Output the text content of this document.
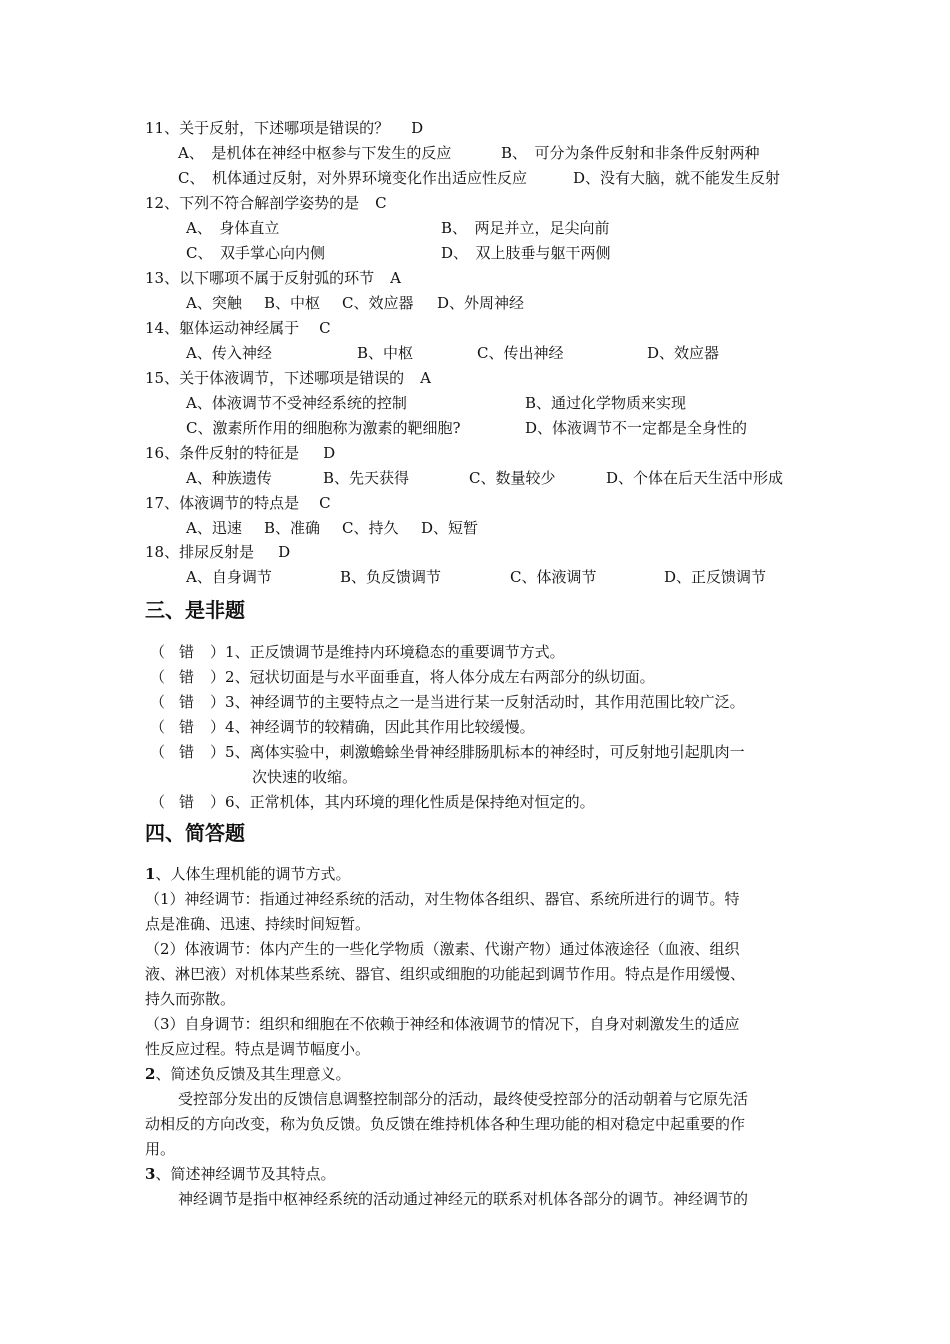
11、关于反射，下述哪项是错误的？ D
A、　是机体在神经中枢参与下发生的反应	B、　可分为条件反射和非条件反射两种
C、　机体通过反射，对外界环境变化作出适应性反应	D、没有大脑，就不能发生反射
12、下列不符合解剖学姿势的是 C
A、　身体直立	B、　两足并立，足尖向前
C、　双手掌心向内侧	D、　双上肢垂与躯干两侧
13、以下哪项不属于反射弧的环节 A
A、突触 B、中枢 C、效应器 D、外周神经
14、躯体运动神经属于 C
A、传入神经	B、中枢	C、传出神经	D、效应器
15、关于体液调节，下述哪项是错误的 A
A、体液调节不受神经系统的控制	B、通过化学物质来实现
C、激素所作用的细胞称为激素的靶细胞?	D、体液调节不一定都是全身性的
16、条件反射的特征是 D
A、种族遗传	B、先天获得	C、数量较少	D、个体在后天生活中形成
17、体液调节的特点是 C
A、迅速 B、准确 C、持久 D、短暂
18、排尿反射是 D
A、自身调节	B、负反馈调节	C、体液调节	D、正反馈调节
三、是非题
（ 错 ）1、正反馈调节是维持内环境稳态的重要调节方式。
（ 错 ）2、冠状切面是与水平面垂直，将人体分成左右两部分的纵切面。
（ 错 ）3、神经调节的主要特点之一是当进行某一反射活动时，其作用范围比较广泛。
（ 错 ）4、神经调节的较精确，因此其作用比较缓慢。
（ 错 ）5、离体实验中，刺激蟾蜍坐骨神经腓肠肌标本的神经时，可反射地引起肌肉一
次快速的收缩。
（ 错 ）6、正常机体，其内环境的理化性质是保持绝对恒定的。
四、简答题
1、人体生理机能的调节方式。
（1）神经调节：指通过神经系统的活动，对生物体各组织、器官、系统所进行的调节。特
点是准确、迅速、持续时间短暂。
（2）体液调节：体内产生的一些化学物质（激素、代谢产物）通过体液途径（血液、组织
液、淋巴液）对机体某些系统、器官、组织或细胞的功能起到调节作用。特点是作用缓慢、
持久而弥散。
（3）自身调节：组织和细胞在不依赖于神经和体液调节的情况下，自身对刺激发生的适应
性反应过程。特点是调节幅度小。
2、简述负反馈及其生理意义。
受控部分发出的反馈信息调整控制部分的活动，最终使受控部分的活动朝着与它原先活
动相反的方向改变，称为负反馈。负反馈在维持机体各种生理功能的相对稳定中起重要的作
用。
3、简述神经调节及其特点。
神经调节是指中枢神经系统的活动通过神经元的联系对机体各部分的调节。神经调节的
